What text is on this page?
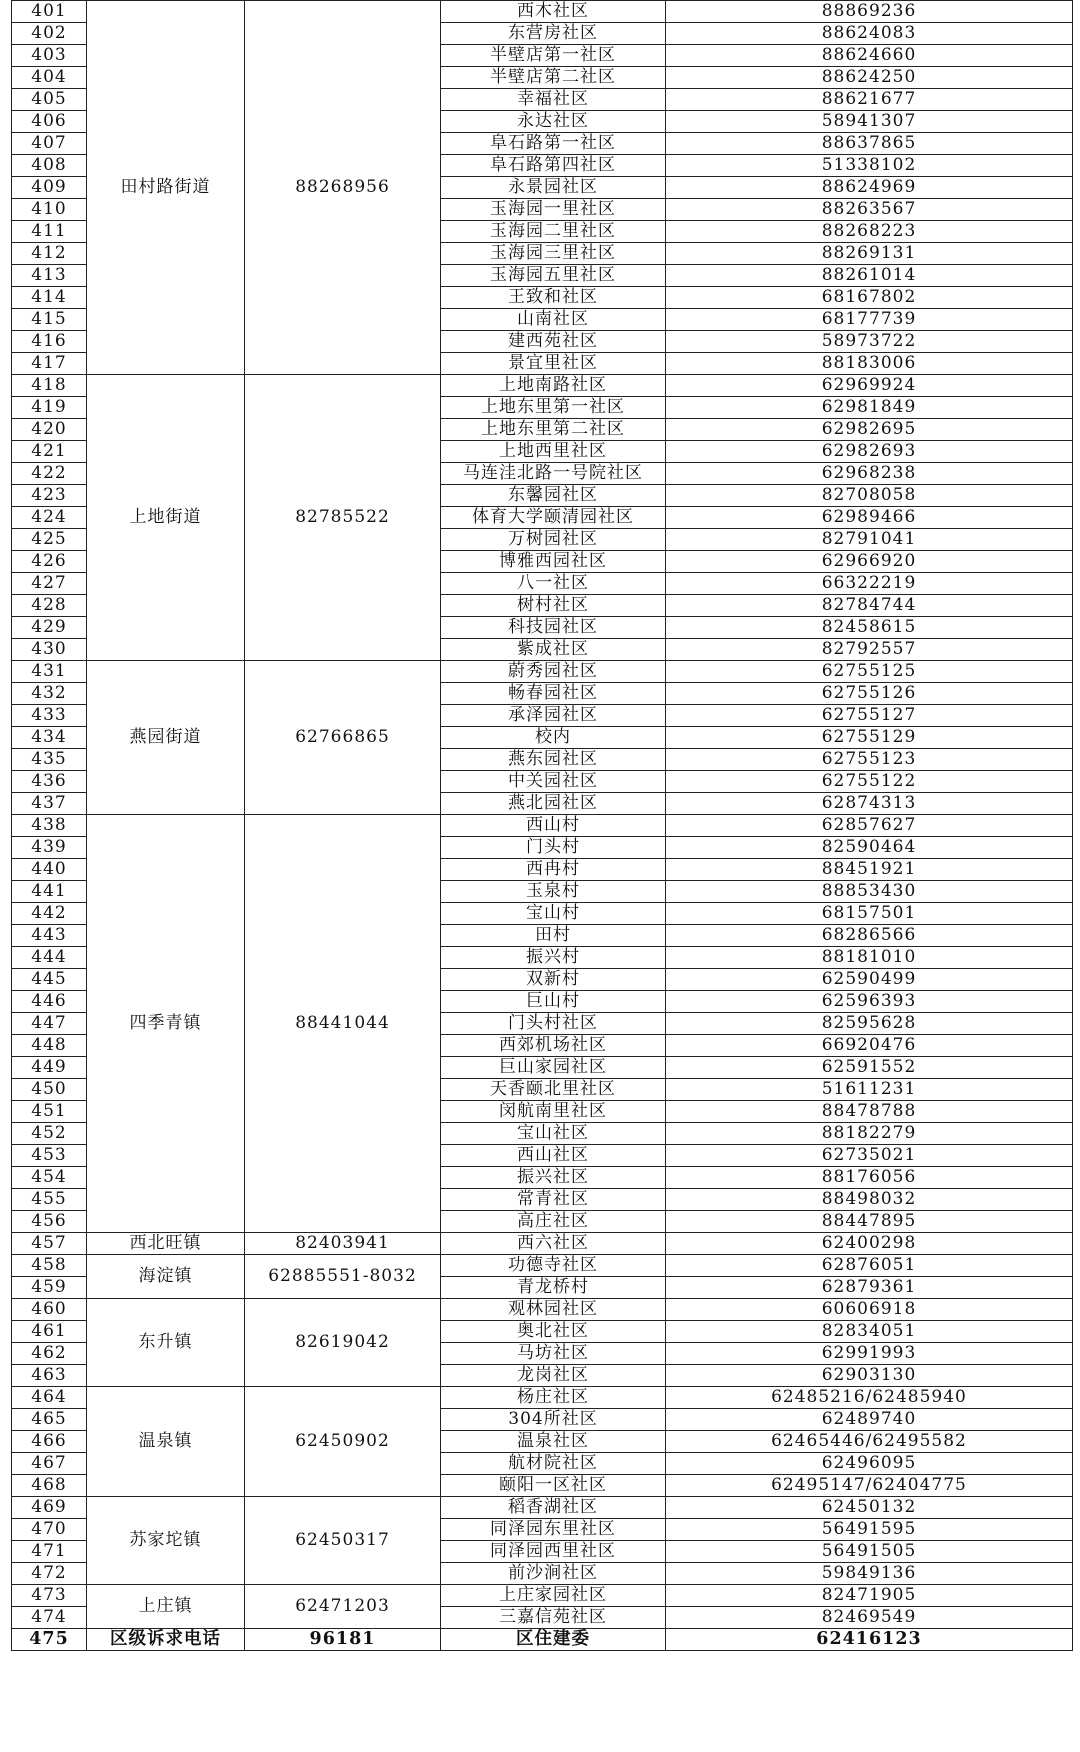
401	田村路街道	88268956	西木社区	88869236
402			东营房社区	88624083
403			半壁店第一社区	88624660
404			半壁店第二社区	88624250
405			幸福社区	88621677
406			永达社区	58941307
407			阜石路第一社区	88637865
408			阜石路第四社区	51338102
409			永景园社区	88624969
410			玉海园一里社区	88263567
411			玉海园二里社区	88268223
412			玉海园三里社区	88269131
413			玉海园五里社区	88261014
414			王致和社区	68167802
415			山南社区	68177739
416			建西苑社区	58973722
417			景宜里社区	88183006
418	上地街道	82785522	上地南路社区	62969924
419			上地东里第一社区	62981849
420			上地东里第二社区	62982695
421			上地西里社区	62982693
422			马连洼北路一号院社区	62968238
423			东馨园社区	82708058
424			体育大学颐清园社区	62989466
425			万树园社区	82791041
426			博雅西园社区	62966920
427			八一社区	66322219
428			树村社区	82784744
429			科技园社区	82458615
430			紫成社区	82792557
431	燕园街道	62766865	蔚秀园社区	62755125
432			畅春园社区	62755126
433			承泽园社区	62755127
434			校内	62755129
435			燕东园社区	62755123
436			中关园社区	62755122
437			燕北园社区	62874313
438	四季青镇	88441044	西山村	62857627
439			门头村	82590464
440			西冉村	88451921
441			玉泉村	88853430
442			宝山村	68157501
443			田村	68286566
444			振兴村	88181010
445			双新村	62590499
446			巨山村	62596393
447			门头村社区	82595628
448			西郊机场社区	66920476
449			巨山家园社区	62591552
450			天香颐北里社区	51611231
451			闵航南里社区	88478788
452			宝山社区	88182279
453			西山社区	62735021
454			振兴社区	88176056
455			常青社区	88498032
456			高庄社区	88447895
457	西北旺镇	82403941	西六社区	62400298
458	海淀镇	62885551-8032	功德寺社区	62876051
459			青龙桥村	62879361
460	东升镇	82619042	观林园社区	60606918
461			奥北社区	82834051
462			马坊社区	62991993
463			龙岗社区	62903130
464	温泉镇	62450902	杨庄社区	62485216/62485940
465			304所社区	62489740
466			温泉社区	62465446/62495582
467			航材院社区	62496095
468			颐阳一区社区	62495147/62404775
469	苏家坨镇	62450317	稻香湖社区	62450132
470			同泽园东里社区	56491595
471			同泽园西里社区	56491505
472			前沙涧社区	59849136
473	上庄镇	62471203	上庄家园社区	82471905
474			三嘉信苑社区	82469549
475	区级诉求电话	96181	区住建委	62416123
